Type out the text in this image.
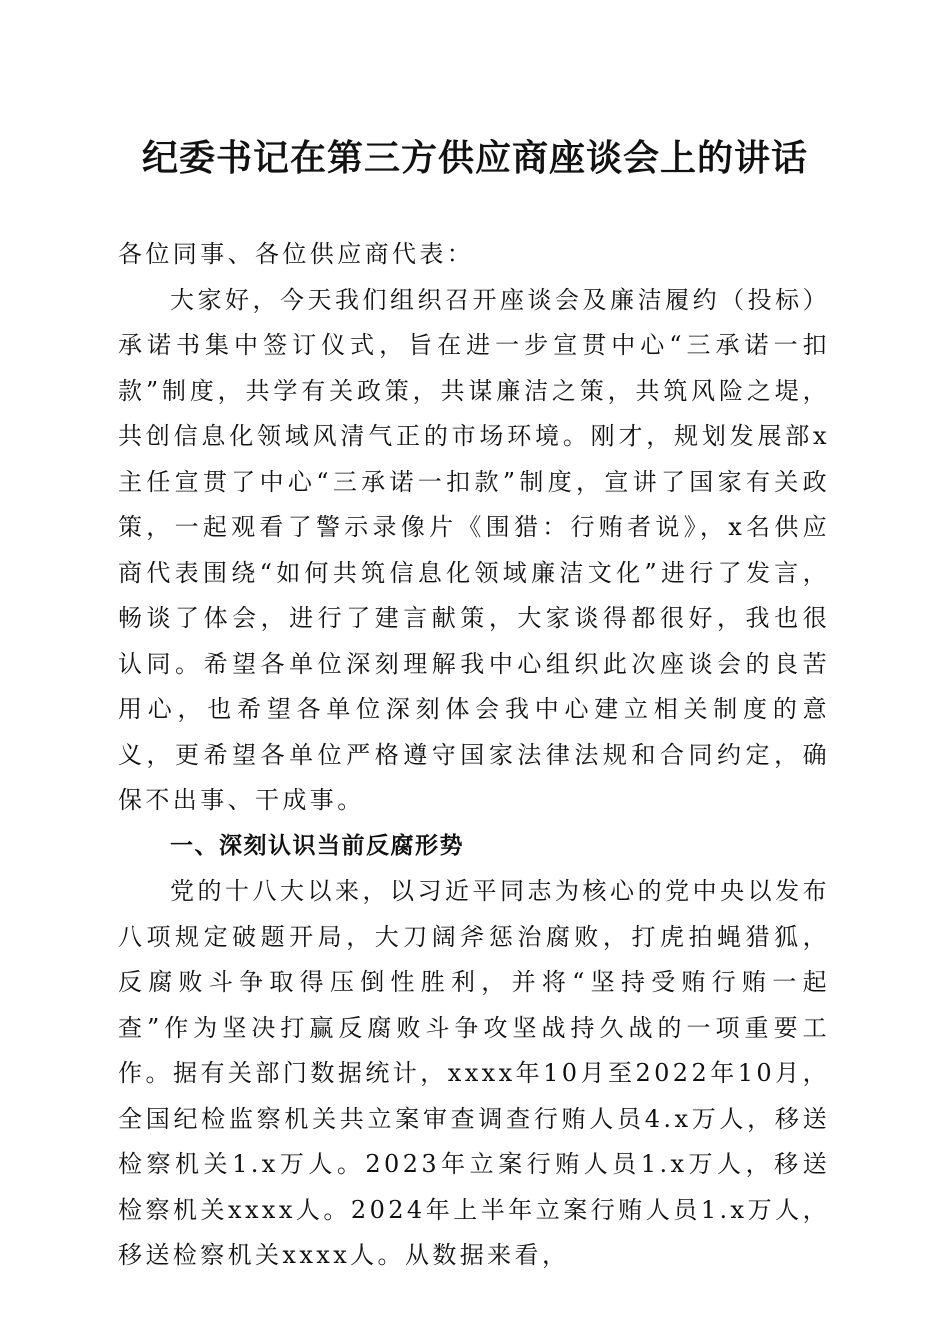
纪委书记在第三方供应商座谈会上的讲话

各位同事、各位供应商代表：

大家好，今天我们组织召开座谈会及廉洁履约（投标）承诺书集中签订仪式，旨在进一步宣贯中心“三承诺一扣款”制度，共学有关政策，共谋廉洁之策，共筑风险之堤，共创信息化领域风清气正的市场环境。刚才，规划发展部x主任宣贯了中心“三承诺一扣款”制度，宣讲了国家有关政策，一起观看了警示录像片《围猎：行贿者说》，x名供应商代表围绕“如何共筑信息化领域廉洁文化”进行了发言，畅谈了体会，进行了建言献策，大家谈得都很好，我也很认同。希望各单位深刻理解我中心组织此次座谈会的良苦用心，也希望各单位深刻体会我中心建立相关制度的意义，更希望各单位严格遵守国家法律法规和合同约定，确保不出事、干成事。

一、深刻认识当前反腐形势

党的十八大以来，以习近平同志为核心的党中央以发布八项规定破题开局，大刀阔斧惩治腐败，打虎拍蝇猎狐，反腐败斗争取得压倒性胜利，并将“坚持受贿行贿一起查”作为坚决打赢反腐败斗争攻坚战持久战的一项重要工作。据有关部门数据统计，xxxx年10月至2022年10月，全国纪检监察机关共立案审查调查行贿人员4.x万人，移送检察机关1.x万人。2023年立案行贿人员1.x万人，移送检察机关xxxx人。2024年上半年立案行贿人员1.x万人，移送检察机关xxxx人。从数据来看，
